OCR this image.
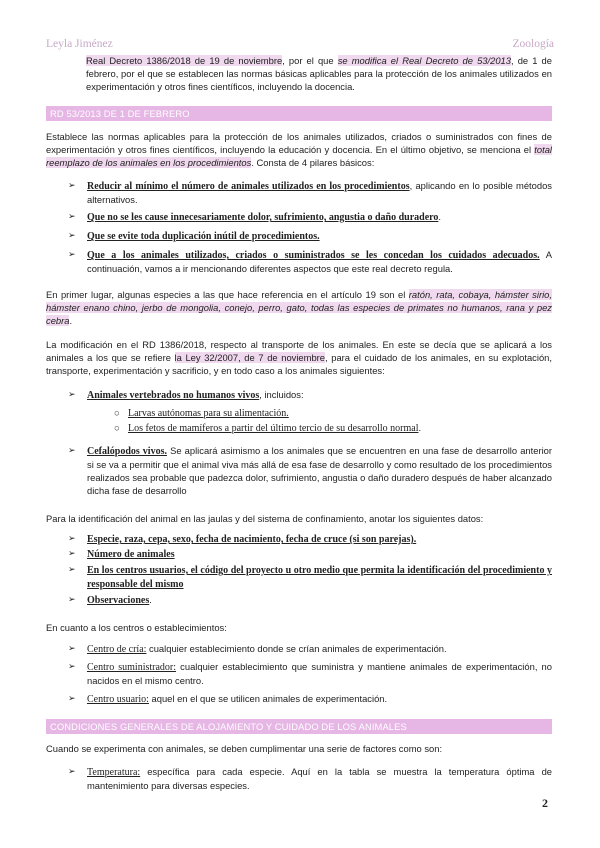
Leyla Jiménez	Zoología
Real Decreto 1386/2018 de 19 de noviembre, por el que se modifica el Real Decreto de 53/2013, de 1 de febrero, por el que se establecen las normas básicas aplicables para la protección de los animales utilizados en experimentación y otros fines científicos, incluyendo la docencia.
RD 53/2013 DE 1 DE FEBRERO
Establece las normas aplicables para la protección de los animales utilizados, criados o suministrados con fines de experimentación y otros fines científicos, incluyendo la educación y docencia. En el último objetivo, se menciona el total reemplazo de los animales en los procedimientos. Consta de 4 pilares básicos:
➢	Reducir al mínimo el número de animales utilizados en los procedimientos, aplicando en lo posible métodos alternativos.
➢	Que no se les cause innecesariamente dolor, sufrimiento, angustia o daño duradero.
➢	Que se evite toda duplicación inútil de procedimientos.
➢	Que a los animales utilizados, criados o suministrados se les concedan los cuidados adecuados. A continuación, vamos a ir mencionando diferentes aspectos que este real decreto regula.
En primer lugar, algunas especies a las que hace referencia en el artículo 19 son el ratón, rata, cobaya, hámster sirio, hámster enano chino, jerbo de mongolia, conejo, perro, gato, todas las especies de primates no humanos, rana y pez cebra.
La modificación en el RD 1386/2018, respecto al transporte de los animales. En este se decía que se aplicará a los animales a los que se refiere la Ley 32/2007, de 7 de noviembre, para el cuidado de los animales, en su explotación, transporte, experimentación y sacrificio, y en todo caso a los animales siguientes:
➢	Animales vertebrados no humanos vivos, incluidos:
○ Larvas autónomas para su alimentación.
○ Los fetos de mamíferos a partir del último tercio de su desarrollo normal.
➢	Cefalópodos vivos. Se aplicará asimismo a los animales que se encuentren en una fase de desarrollo anterior si se va a permitir que el animal viva más allá de esa fase de desarrollo y como resultado de los procedimientos realizados sea probable que padezca dolor, sufrimiento, angustia o daño duradero después de haber alcanzado dicha fase de desarrollo
Para la identificación del animal en las jaulas y del sistema de confinamiento, anotar los siguientes datos:
➢	Especie, raza, cepa, sexo, fecha de nacimiento, fecha de cruce (si son parejas).
➢	Número de animales
➢	En los centros usuarios, el código del proyecto u otro medio que permita la identificación del procedimiento y responsable del mismo
➢	Observaciones.
En cuanto a los centros o establecimientos:
➢	Centro de cría: cualquier establecimiento donde se crían animales de experimentación.
➢	Centro suministrador: cualquier establecimiento que suministra y mantiene animales de experimentación, no nacidos en el mismo centro.
➢	Centro usuario: aquel en el que se utilicen animales de experimentación.
CONDICIONES GENERALES DE ALOJAMIENTO Y CUIDADO DE LOS ANIMALES
Cuando se experimenta con animales, se deben cumplimentar una serie de factores como son:
➢	Temperatura: específica para cada especie. Aquí en la tabla se muestra la temperatura óptima de mantenimiento para diversas especies.
2
